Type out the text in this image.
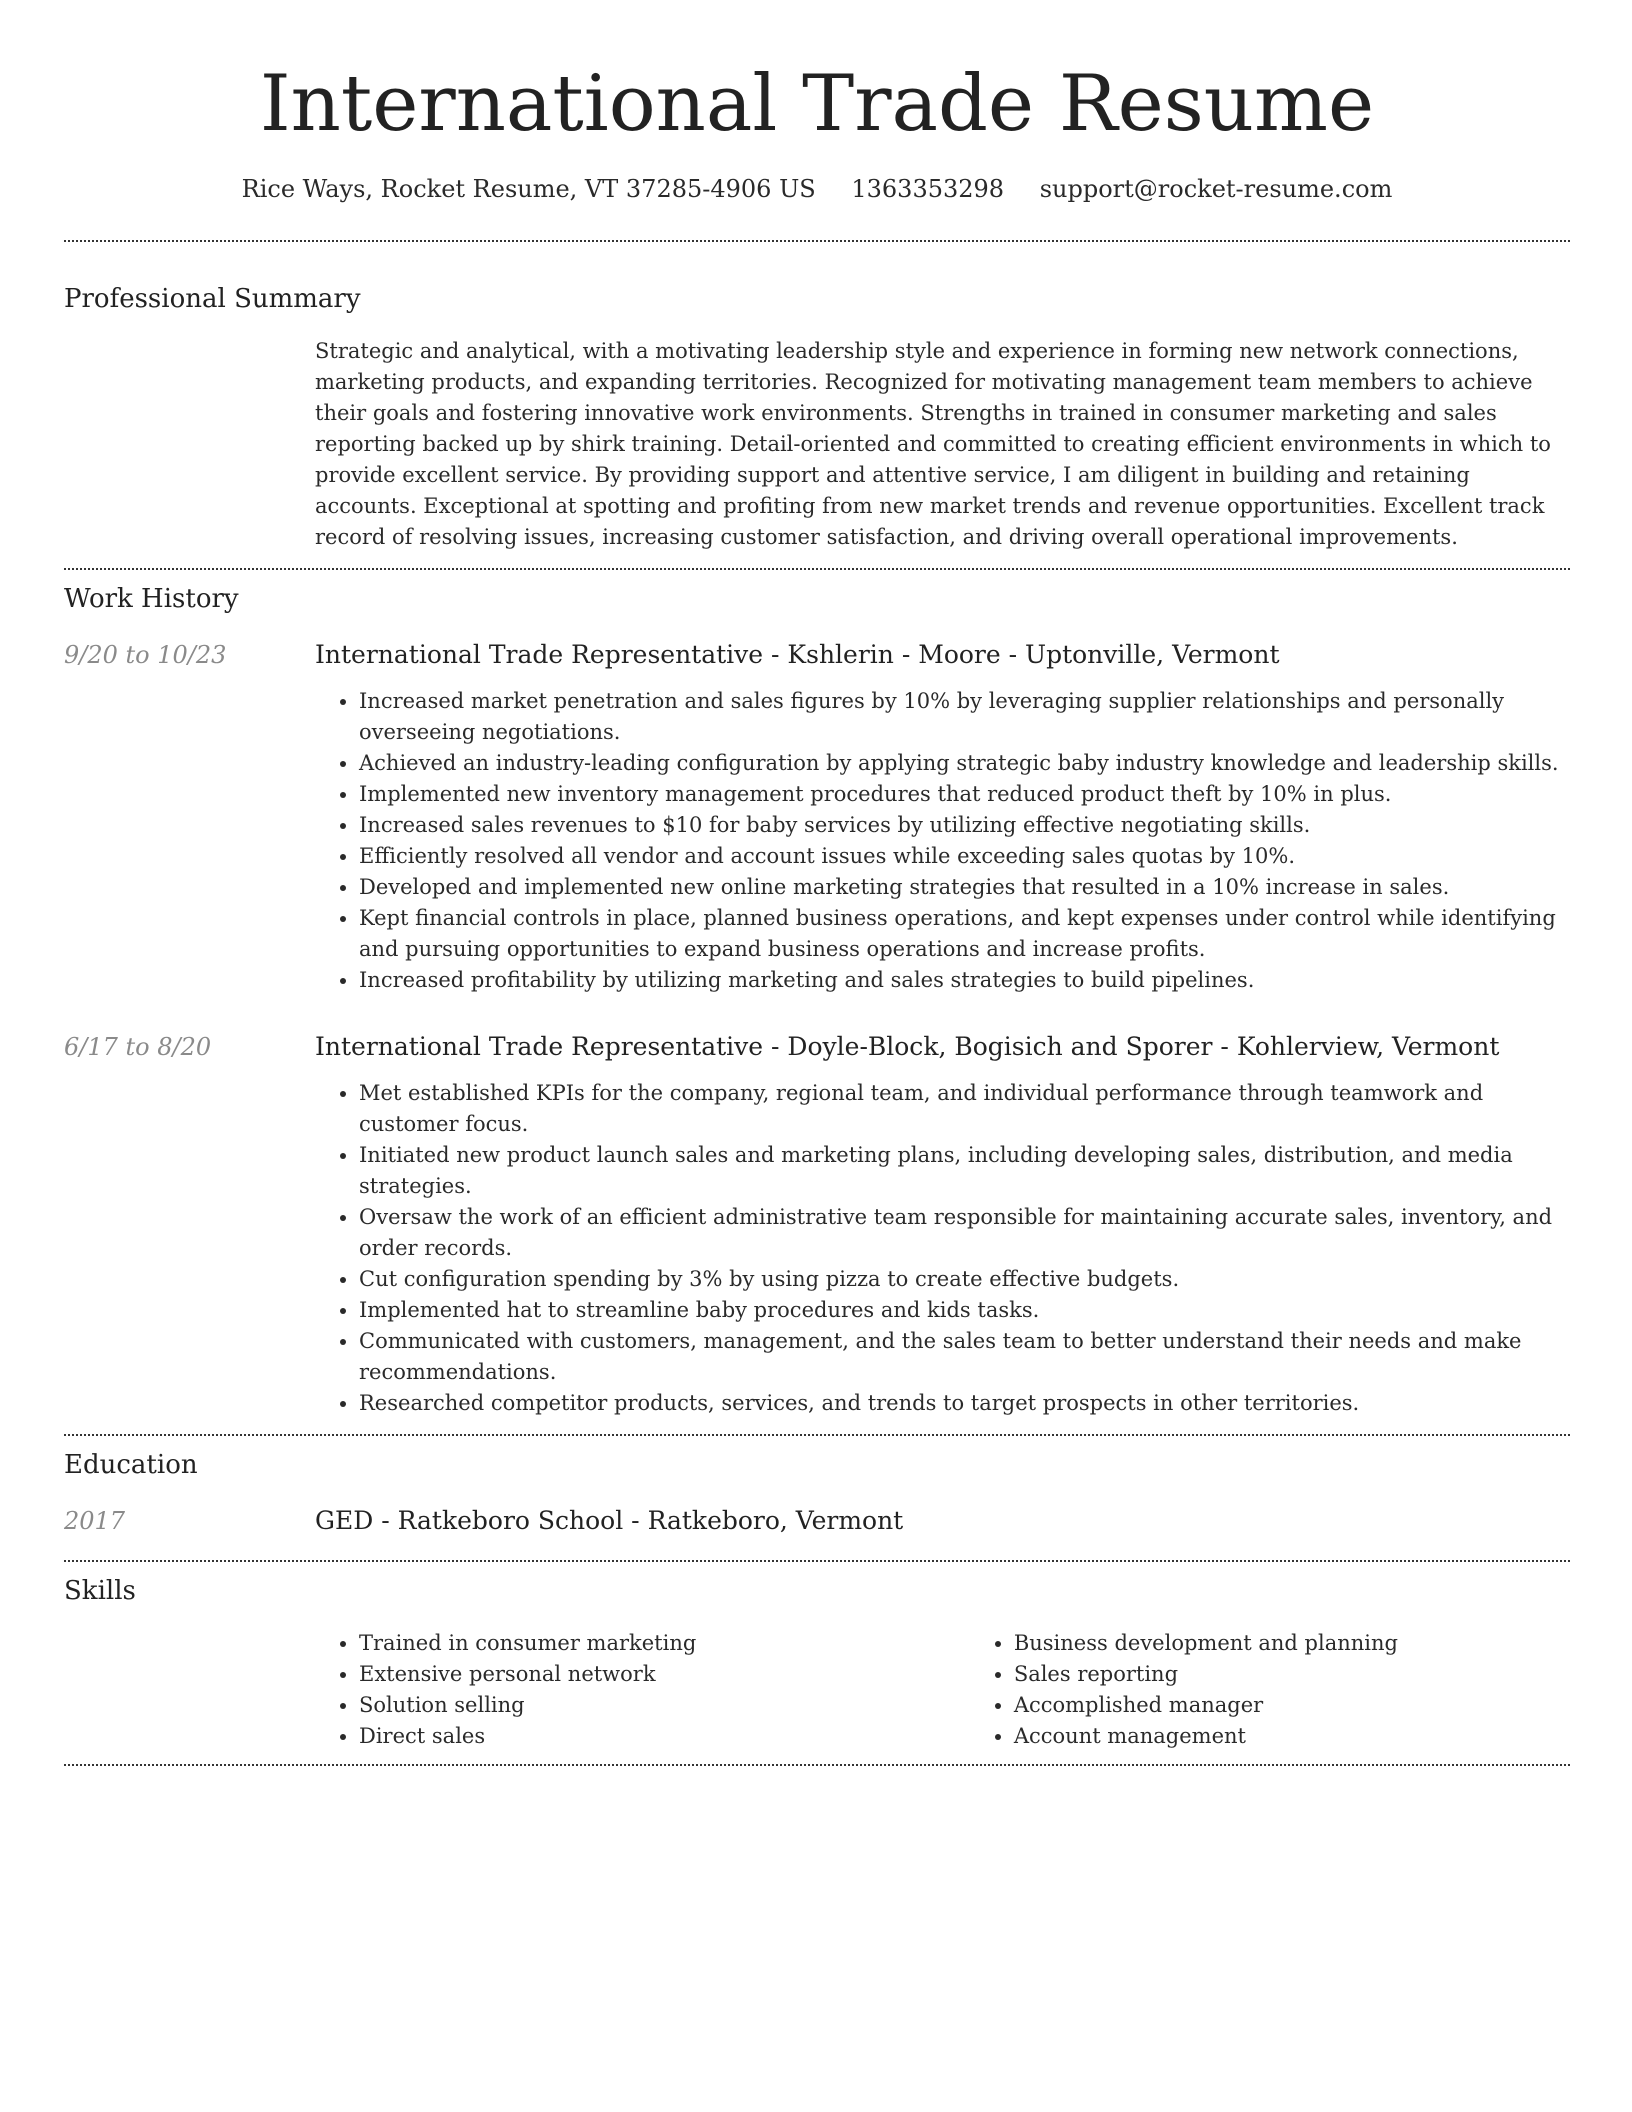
International Trade Resume
Rice Ways, Rocket Resume, VT 37285-4906 US 1363353298 support@rocket-resume.com
Professional Summary

Strategic and analytical, with a motivating leadership style and experience in forming new network connections, marketing products, and expanding territories. Recognized for motivating management team members to achieve their goals and fostering innovative work environments. Strengths in trained in consumer marketing and sales reporting backed up by shirk training. Detail-oriented and committed to creating efficient environments in which to provide excellent service. By providing support and attentive service, I am diligent in building and retaining accounts. Exceptional at spotting and profiting from new market trends and revenue opportunities. Excellent track record of resolving issues, increasing customer satisfaction, and driving overall operational improvements.

Work History
9/20 to 10/23	International Trade Representative - Kshlerin - Moore - Uptonville, Vermont
• Increased market penetration and sales figures by 10% by leveraging supplier relationships and personally overseeing negotiations.
• Achieved an industry-leading configuration by applying strategic baby industry knowledge and leadership skills.
• Implemented new inventory management procedures that reduced product theft by 10% in plus.
• Increased sales revenues to $10 for baby services by utilizing effective negotiating skills.
• Efficiently resolved all vendor and account issues while exceeding sales quotas by 10%.
• Developed and implemented new online marketing strategies that resulted in a 10% increase in sales.
• Kept financial controls in place, planned business operations, and kept expenses under control while identifying and pursuing opportunities to expand business operations and increase profits.
• Increased profitability by utilizing marketing and sales strategies to build pipelines.
6/17 to 8/20	International Trade Representative - Doyle-Block, Bogisich and Sporer - Kohlerview, Vermont
• Met established KPIs for the company, regional team, and individual performance through teamwork and customer focus.
• Initiated new product launch sales and marketing plans, including developing sales, distribution, and media strategies.
• Oversaw the work of an efficient administrative team responsible for maintaining accurate sales, inventory, and order records.
• Cut configuration spending by 3% by using pizza to create effective budgets.
• Implemented hat to streamline baby procedures and kids tasks.
• Communicated with customers, management, and the sales team to better understand their needs and make recommendations.
• Researched competitor products, services, and trends to target prospects in other territories.
Education
2017	GED - Ratkeboro School - Ratkeboro, Vermont
Skills
• Trained in consumer marketing
• Extensive personal network
• Solution selling
• Direct sales
• Business development and planning
• Sales reporting
• Accomplished manager
• Account management
